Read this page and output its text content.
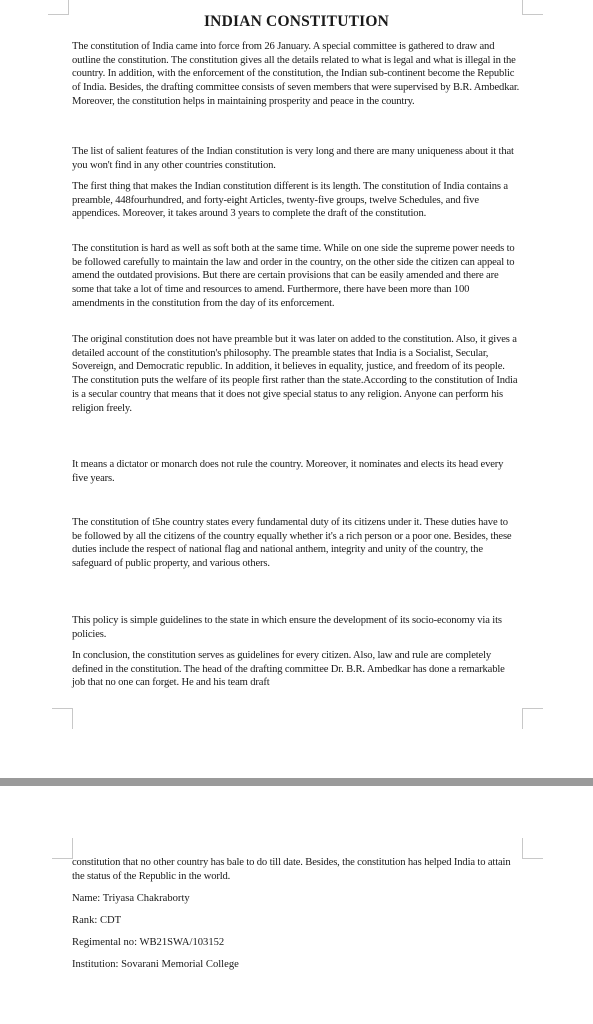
INDIAN CONSTITUTION

The constitution of India came into force from 26 January. A special committee is gathered to draw and outline the constitution. The constitution gives all the details related to what is legal and what is illegal in the country. In addition, with the enforcement of the constitution, the Indian sub-continent become the Republic of India. Besides, the drafting committee consists of seven members that were supervised by B.R. Ambedkar. Moreover, the constitution helps in maintaining prosperity and peace in the country.

The list of salient features of the Indian constitution is very long and there are many uniqueness about it that you won't find in any other countries constitution.

The first thing that makes the Indian constitution different is its length. The constitution of India contains a preamble, 448fourhundred, and forty-eight Articles, twenty-five groups, twelve Schedules, and five appendices. Moreover, it takes around 3 years to complete the draft of the constitution.

The constitution is hard as well as soft both at the same time. While on one side the supreme power needs to be followed carefully to maintain the law and order in the country, on the other side the citizen can appeal to amend the outdated provisions. But there are certain provisions that can be easily amended and there are some that take a lot of time and resources to amend. Furthermore, there have been more than 100 amendments in the constitution from the day of its enforcement.

The original constitution does not have preamble but it was later on added to the constitution. Also, it gives a detailed account of the constitution's philosophy. The preamble states that India is a Socialist, Secular, Sovereign, and Democratic republic. In addition, it believes in equality, justice, and freedom of its people. The constitution puts the welfare of its people first rather than the state.According to the constitution of India is a secular country that means that it does not give special status to any religion. Anyone can perform his religion freely.

It means a dictator or monarch does not rule the country. Moreover, it nominates and elects its head every five years.

The constitution of t5he country states every fundamental duty of its citizens under it. These duties have to be followed by all the citizens of the country equally whether it's a rich person or a poor one. Besides, these duties include the respect of national flag and national anthem, integrity and unity of the country, the safeguard of public property, and various others.

This policy is simple guidelines to the state in which ensure the development of its socio-economy via its policies.

In conclusion, the constitution serves as guidelines for every citizen. Also, law and rule are completely defined in the constitution. The head of the drafting committee Dr. B.R. Ambedkar has done a remarkable job that no one can forget. He and his team draft

constitution that no other country has bale to do till date. Besides, the constitution has helped India to attain the status of the Republic in the world.

Name: Triyasa Chakraborty
Rank: CDT
Regimental no: WB21SWA/103152
Institution: Sovarani Memorial College
